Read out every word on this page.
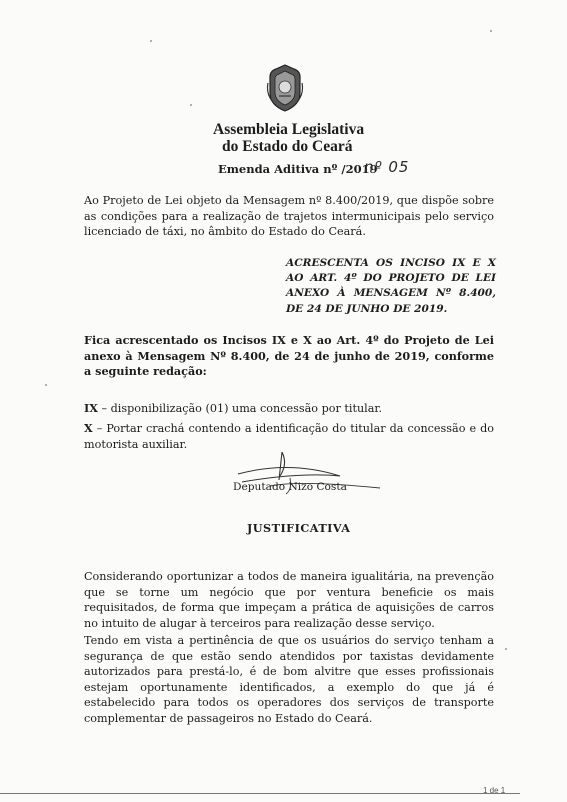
Assembleia Legislativa
do Estado do Ceará
Emenda Aditiva nº /2019
nº 05
Ao Projeto de Lei objeto da Mensagem nº 8.400/2019, que dispõe sobre as condições para a realização de trajetos intermunicipais pelo serviço licenciado de táxi, no âmbito do Estado do Ceará.
ACRESCENTA OS INCISO IX E X AO ART. 4º DO PROJETO DE LEI ANEXO À MENSAGEM Nº 8.400, DE 24 DE JUNHO DE 2019.
Fica acrescentado os Incisos IX e X ao Art. 4º do Projeto de Lei anexo à Mensagem Nº 8.400, de 24 de junho de 2019, conforme a seguinte redação:
IX – disponibilização (01) uma concessão por titular.
X – Portar crachá contendo a identificação do titular da concessão e do motorista auxiliar.
Deputado Nizo Costa
JUSTIFICATIVA
Considerando oportunizar a todos de maneira igualitária, na prevenção que se torne um negócio que por ventura beneficie os mais requisitados, de forma que impeçam a prática de aquisições de carros no intuito de alugar à terceiros para realização desse serviço.
Tendo em vista a pertinência de que os usuários do serviço tenham a segurança de que estão sendo atendidos por taxistas devidamente autorizados para prestá-lo, é de bom alvitre que esses profissionais estejam oportunamente identificados, a exemplo do que já é estabelecido para todos os operadores dos serviços de transporte complementar de passageiros no Estado do Ceará.
1 de 1
